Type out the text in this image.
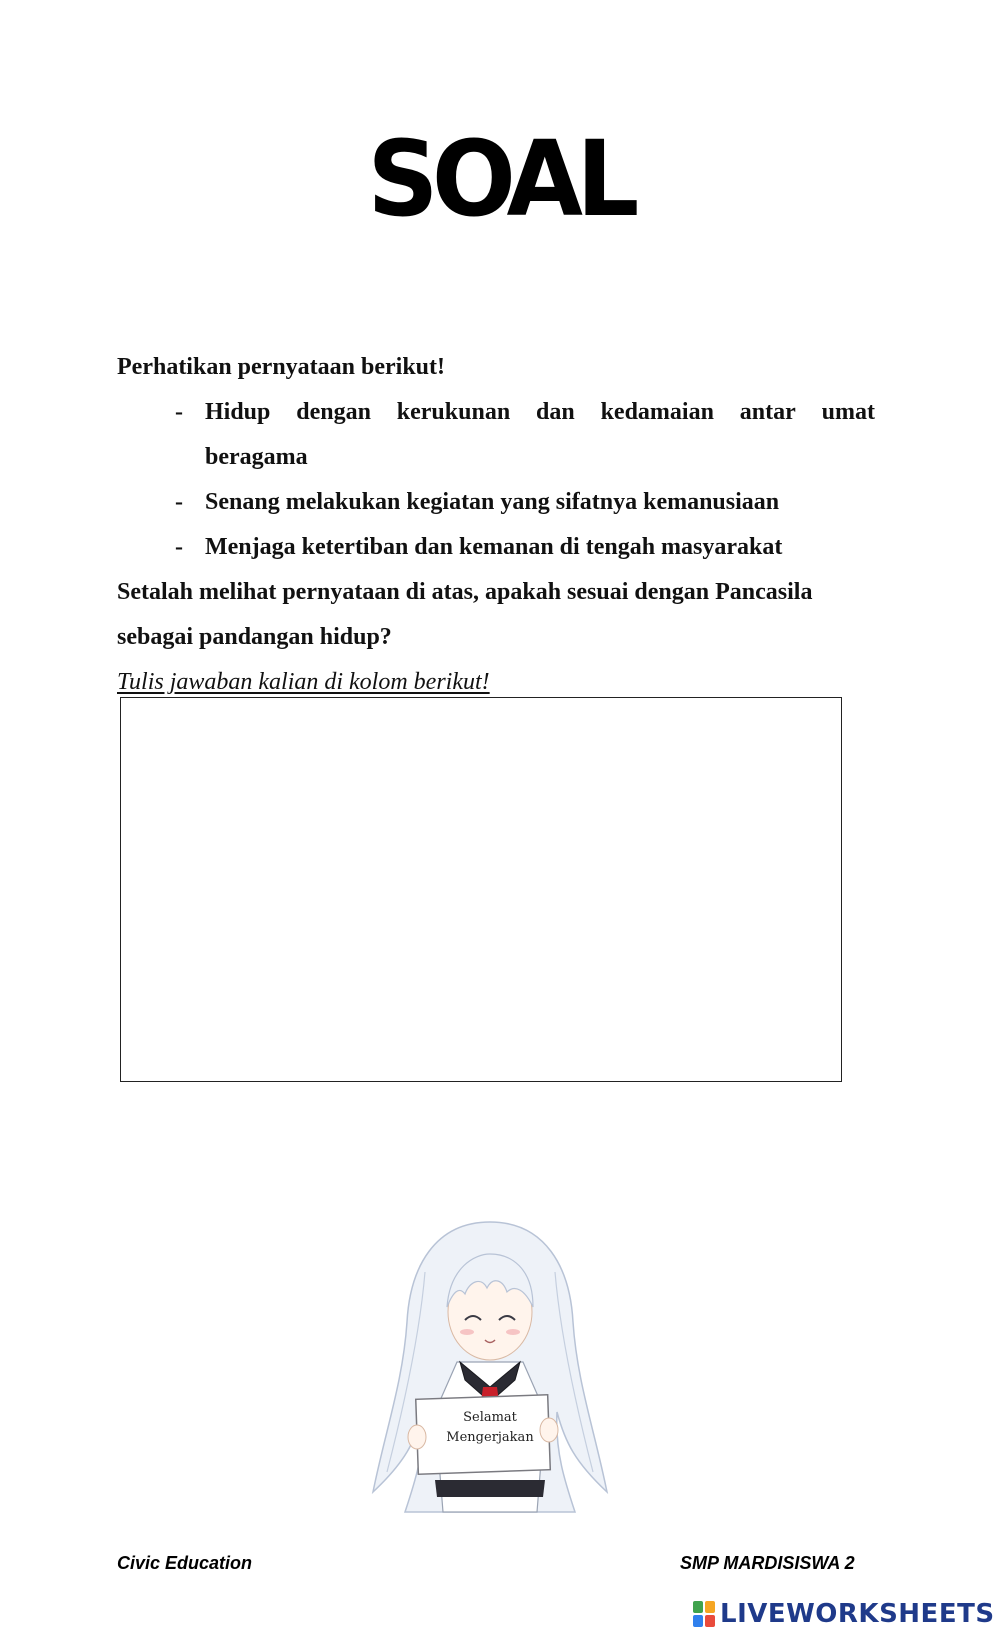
SOAL
Perhatikan pernyataan berikut!
- Hidup dengan kerukunan dan kedamaian antar umat
beragama
- Senang melakukan kegiatan yang sifatnya kemanusiaan
- Menjaga ketertiban dan kemanan di tengah masyarakat
Setalah melihat pernyataan di atas, apakah sesuai dengan Pancasila
sebagai pandangan hidup?
Tulis jawaban kalian di kolom berikut!
Selamat
Mengerjakan
Civic Education	SMP MARDISISWA 2
LIVEWORKSHEETS
